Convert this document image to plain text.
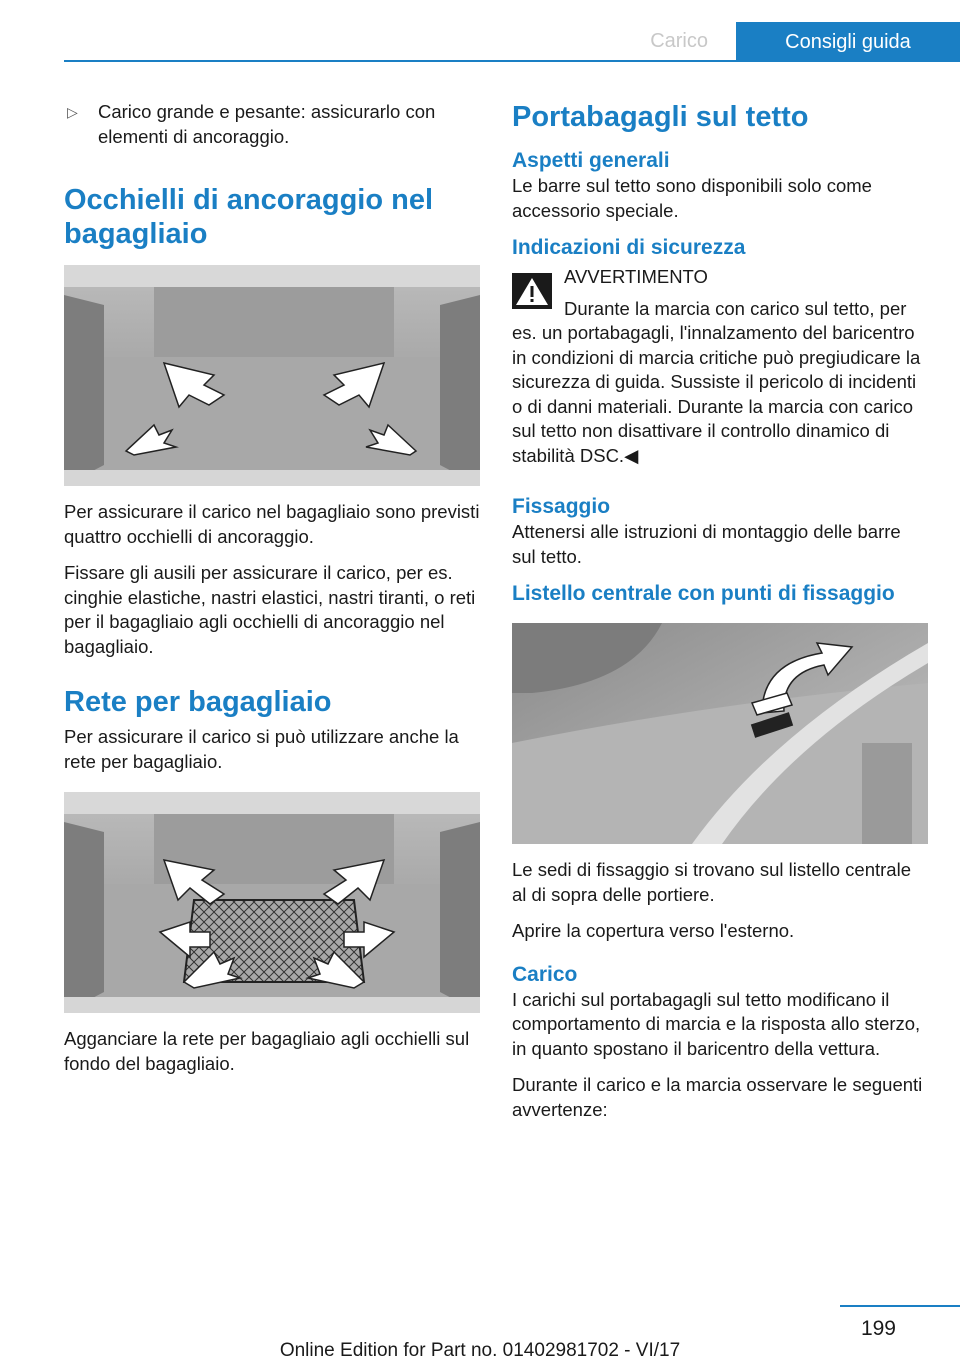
Carico	Consigli guida
▷ Carico grande e pesante: assicurarlo con elementi di ancoraggio.
Occhielli di ancoraggio nel bagagliaio

Per assicurare il carico nel bagagliaio sono previsti quattro occhielli di ancoraggio.

Fissare gli ausili per assicurare il carico, per es. cinghie elastiche, nastri elastici, nastri tiranti, o reti per il bagagliaio agli occhielli di ancoraggio nel bagagliaio.

Rete per bagagliaio

Per assicurare il carico si può utilizzare anche la rete per bagagliaio.

Agganciare la rete per bagagliaio agli occhielli sul fondo del bagagliaio.

Portabagagli sul tetto
Aspetti generali

Le barre sul tetto sono disponibili solo come accessorio speciale.

Indicazioni di sicurezza
AVVERTIMENTO
Durante la marcia con carico sul tetto, per es. un portabagagli, l'innalzamento del baricentro in condizioni di marcia critiche può pregiudicare la sicurezza di guida. Sussiste il pericolo di incidenti o di danni materiali. Durante la marcia con carico sul tetto non disattivare il controllo dinamico di stabilità DSC.◀
Fissaggio

Attenersi alle istruzioni di montaggio delle barre sul tetto.

Listello centrale con punti di fissaggio

Le sedi di fissaggio si trovano sul listello centrale al di sopra delle portiere.

Aprire la copertura verso l'esterno.

Carico

I carichi sul portabagagli sul tetto modificano il comportamento di marcia e la risposta allo sterzo, in quanto spostano il baricentro della vettura.

Durante il carico e la marcia osservare le seguenti avvertenze:

199
Online Edition for Part no. 01402981702 - VI/17
